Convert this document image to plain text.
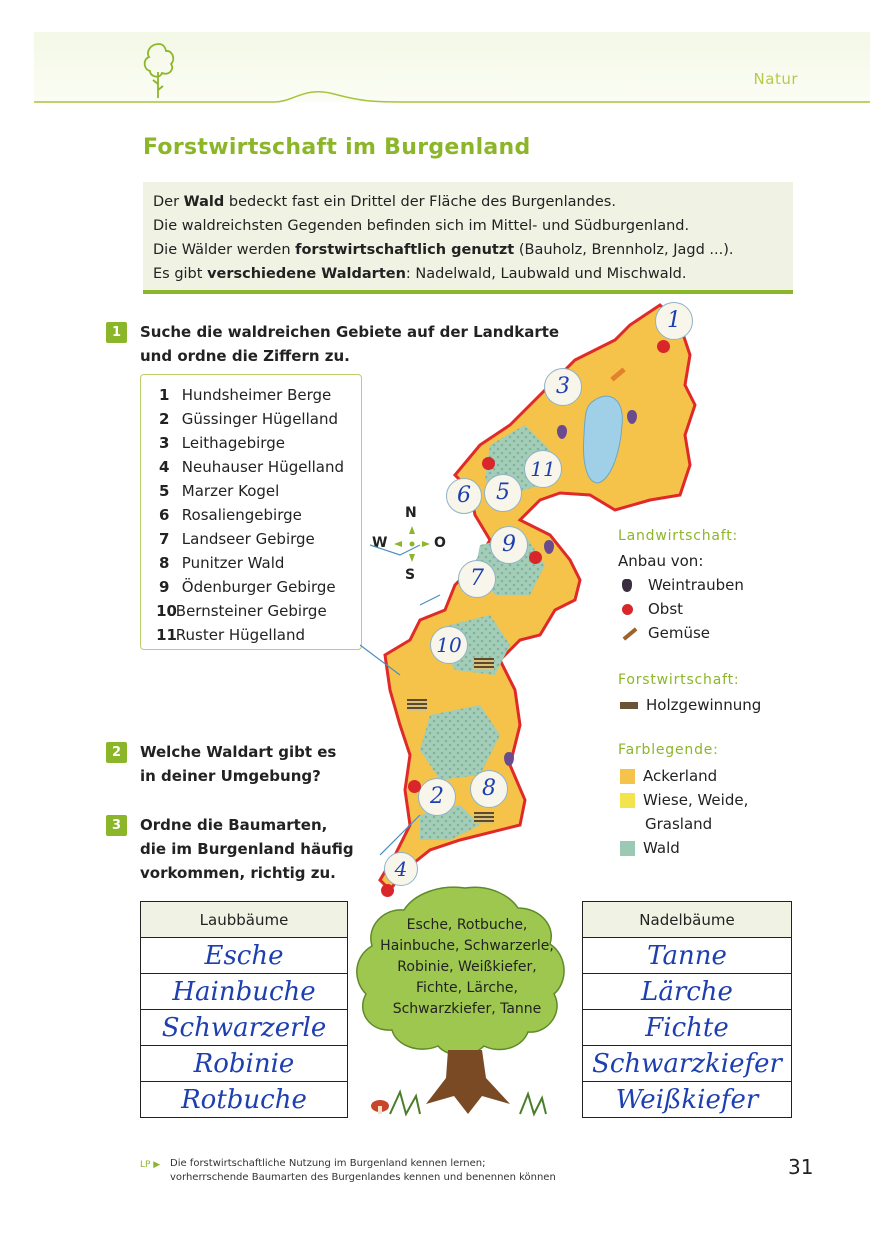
Natur
Forstwirtschaft im Burgenland
Der Wald bedeckt fast ein Drittel der Fläche des Burgenlandes.
Die waldreichsten Gegenden befinden sich im Mittel- und Südburgenland.
Die Wälder werden forstwirtschaftlich genutzt (Bauholz, Brennholz, Jagd ...).
Es gibt verschiedene Waldarten: Nadelwald, Laubwald und Mischwald.
1	Suche die waldreichen Gebiete auf der Landkarte
und ordne die Ziffern zu.
1 Hundsheimer Berge
2 Güssinger Hügelland
3 Leithagebirge
4 Neuhauser Hügelland
5 Marzer Kogel
6 Rosaliengebirge
7 Landseer Gebirge
8 Punitzer Wald
9 Ödenburger Gebirge
10 Bernsteiner Gebirge
11 Ruster Hügelland
N
S
W	O
1
3
11
6	5
9
7
10
8
2
4
Landwirtschaft:
Anbau von:
Weintrauben
Obst
Gemüse
Forstwirtschaft:
Holzgewinnung
Farblegende:
Ackerland
Wiese, Weide,
Grasland
Wald
2	Welche Waldart gibt es
in deiner Umgebung?
3	Ordne die Baumarten,
die im Burgenland häufig
vorkommen, richtig zu.
Esche, Rotbuche,
Hainbuche, Schwarzerle,
Robinie, Weißkiefer,
Fichte, Lärche,
Schwarzkiefer, Tanne
Laubbäume
Esche
Hainbuche
Schwarzerle
Robinie
Rotbuche
Nadelbäume
Tanne
Lärche
Fichte
Schwarzkiefer
Weißkiefer
LP ▶ Die forstwirtschaftliche Nutzung im Burgenland kennen lernen;
vorherrschende Baumarten des Burgenlandes kennen und benennen können	31
